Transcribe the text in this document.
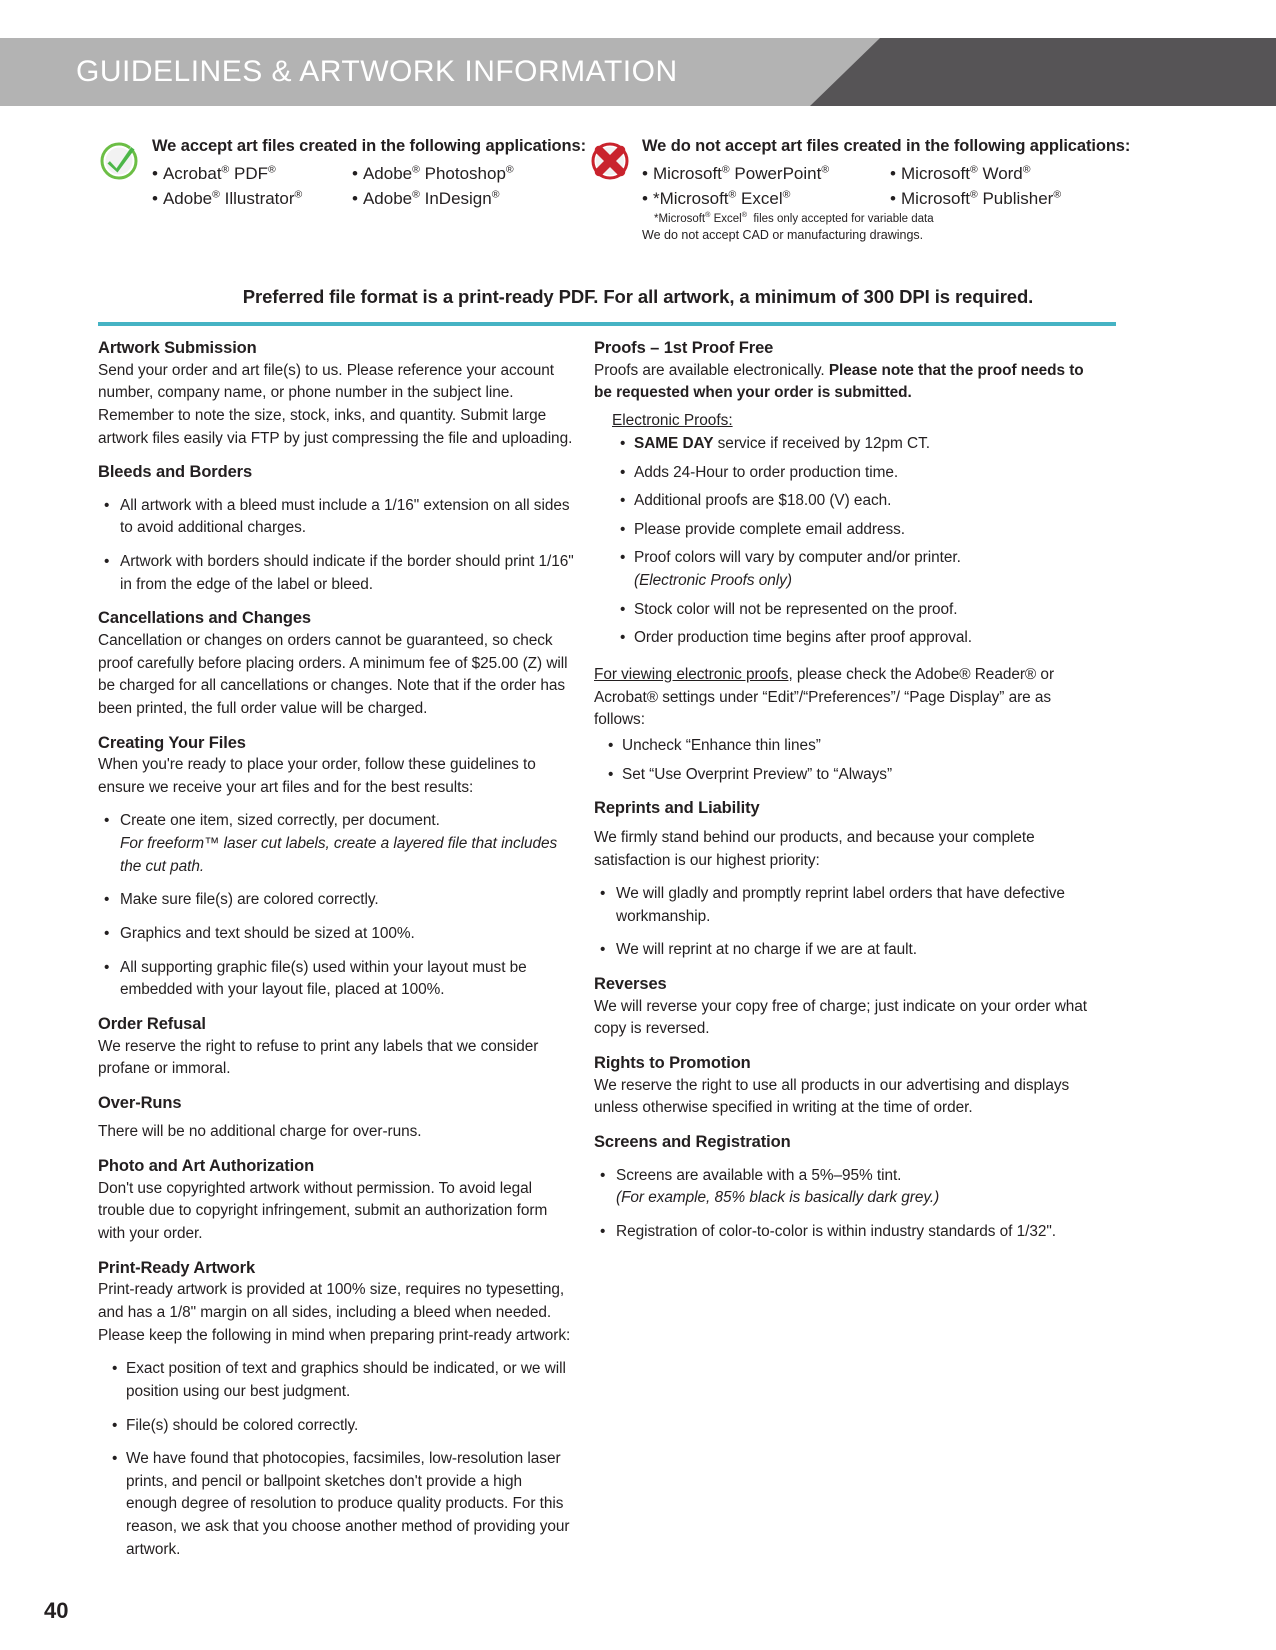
GUIDELINES & ARTWORK INFORMATION
We accept art files created in the following applications:
• Acrobat® PDF®
• Adobe® Illustrator®
• Adobe® Photoshop®
• Adobe® InDesign®
We do not accept art files created in the following applications:
• Microsoft® PowerPoint®
• *Microsoft® Excel®
• Microsoft® Word®
• Microsoft® Publisher®
*Microsoft® Excel®  files only accepted for variable data
We do not accept CAD or manufacturing drawings.
Preferred file format is a print-ready PDF. For all artwork, a minimum of 300 DPI is required.
Artwork Submission

Send your order and art file(s) to us. Please reference your account number, company name, or phone number in the subject line. Remember to note the size, stock, inks, and quantity. Submit large artwork files easily via FTP by just compressing the file and uploading.

Bleeds and Borders
• All artwork with a bleed must include a 1/16" extension on all sides to avoid additional charges.
• Artwork with borders should indicate if the border should print 1/16" in from the edge of the label or bleed.
Cancellations and Changes

Cancellation or changes on orders cannot be guaranteed, so check proof carefully before placing orders. A minimum fee of $25.00 (Z) will be charged for all cancellations or changes. Note that if the order has been printed, the full order value will be charged.

Creating Your Files

When you're ready to place your order, follow these guidelines to ensure we receive your art files and for the best results:

• Create one item, sized correctly, per document.
For freeform™ laser cut labels, create a layered file that includes the cut path.
• Make sure file(s) are colored correctly.
• Graphics and text should be sized at 100%.
• All supporting graphic file(s) used within your layout must be embedded with your layout file, placed at 100%.
Order Refusal

We reserve the right to refuse to print any labels that we consider profane or immoral.

Over-Runs

There will be no additional charge for over-runs.

Photo and Art Authorization

Don't use copyrighted artwork without permission. To avoid legal trouble due to copyright infringement, submit an authorization form with your order.

Print-Ready Artwork

Print-ready artwork is provided at 100% size, requires no typesetting, and has a 1/8" margin on all sides, including a bleed when needed. Please keep the following in mind when preparing print-ready artwork:

• Exact position of text and graphics should be indicated, or we will position using our best judgment.
• File(s) should be colored correctly.
• We have found that photocopies, facsimiles, low-resolution laser prints, and pencil or ballpoint sketches don't provide a high enough degree of resolution to produce quality products. For this reason, we ask that you choose another method of providing your artwork.
Proofs – 1st Proof Free

Proofs are available electronically. Please note that the proof needs to be requested when your order is submitted.

Electronic Proofs:
• SAME DAY service if received by 12pm CT.
• Adds 24-Hour to order production time.
• Additional proofs are $18.00 (V) each.
• Please provide complete email address.
• Proof colors will vary by computer and/or printer.
(Electronic Proofs only)
• Stock color will not be represented on the proof.
• Order production time begins after proof approval.

For viewing electronic proofs, please check the Adobe® Reader® or Acrobat® settings under “Edit”/“Preferences”/ “Page Display” are as follows:

• Uncheck “Enhance thin lines”
• Set “Use Overprint Preview” to “Always”
Reprints and Liability

We firmly stand behind our products, and because your complete satisfaction is our highest priority:

• We will gladly and promptly reprint label orders that have defective workmanship.
• We will reprint at no charge if we are at fault.
Reverses

We will reverse your copy free of charge; just indicate on your order what copy is reversed.

Rights to Promotion

We reserve the right to use all products in our advertising and displays unless otherwise specified in writing at the time of order.

Screens and Registration
• Screens are available with a 5%–95% tint.
(For example, 85% black is basically dark grey.)
• Registration of color-to-color is within industry standards of 1/32".
40
